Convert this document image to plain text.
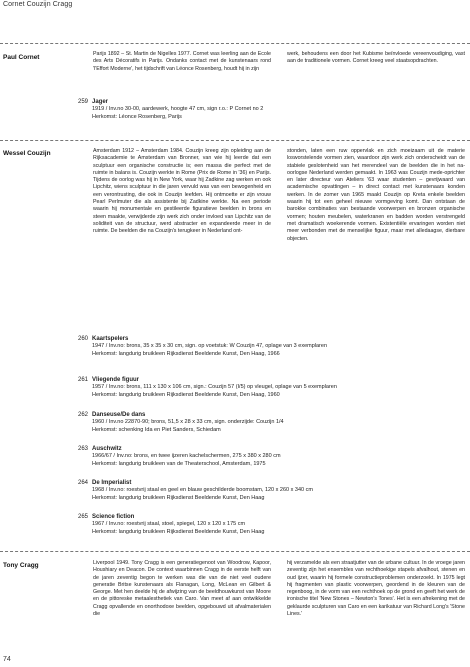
Cornet Couzijn Cragg
Paul Cornet	Parijs 1892 – St. Martin de Nigelles 1977. Cornet was leerling aan de Ecole des Arts Décoratifs in Parijs. Ondanks contact met de kunstenaars rond 'l'Effort Moderne', het tijdschrift van Léonce Rosenberg, houdt hij in zijn

werk, behoudens een door het Kubisme beïnvloede vereenvoudiging, vast aan de traditionele vormen. Cornet kreeg veel staatsopdrachten.

259 Jager
1919 / Inv.no 30-00, aardewerk, hoogte 47 cm, sign r.o.: P Cornet no 2
Herkomst: Léonce Rosenberg, Parijs
Wessel Couzijn	Amsterdam 1912 – Amsterdam 1984. Couzijn kreeg zijn opleiding aan de Rijksacademie te Amsterdam van Bronner, van wie hij leerde dat een sculptuur een organische constructie is; een massa die perfect met de ruimte in balans is. Couzijn werkte in Rome (Prix de Rome in '36) en Parijs. Tijdens de oorlog was hij in New York, waar hij Zadkine zag werken en ook Lipchitz, wiens sculptuur in die jaren vervuld was van een bewogenheid en een verontrusting, die ook in Couzijn leefden. Hij ontmoette er zijn vrouw Pearl Perlmuter die als assistente bij Zadkine werkte. Na een periode waarin hij monumentale en gestileerde figuratieve beelden in brons en steen maakte, verwijderde zijn werk zich onder invloed van Lipchitz van de soliditeit van de structuur, werd abstracter en expandeerde meer in de ruimte. De beelden die na Couzijn's terugkeer in Nederland ont-

stonden, laten een ruw oppervlak en zich moeizaam uit de materie losworstelende vormen zien, waardoor zijn werk zich onderscheidt van de stabiele geslotenheid van het merendeel van de beelden die in het na-oorlogse Nederland werden gemaakt. In 1963 was Couzijn mede-oprichter en later directeur van Ateliers '63 waar studenten – gevrijwaard van academische opvattingen – in direct contact met kunstenaars konden werken. In de zomer van 1965 maakt Couzijn op Kreta enkele beelden waarin hij tot een geheel nieuwe vormgeving komt. Dan ontstaan de barokke combinaties van bestaande voorwerpen en bronzen organische vormen; houten meubelen, waterkranen en badden worden verstrengeld met dramatisch woekerende vormen. Existentiële ervaringen worden niet meer verbonden met de menselijke figuur, maar met alledaagse, dierbare objecten.

260 Kaartspelers
1947 / Inv.no: brons, 35 x 35 x 30 cm, sign. op voetstuk: W Couzijn 47, oplage van 3 exemplaren
Herkomst: langdurig bruikleen Rijksdienst Beeldende Kunst, Den Haag, 1966
261 Vliegende figuur
1957 / Inv.no: brons, 111 x 130 x 106 cm, sign.: Couzijn 57 (I/5) op vleugel, oplage van 5 exemplaren
Herkomst: langdurig bruikleen Rijksdienst Beeldende Kunst, Den Haag, 1960
262 Danseuse/De dans
1960 / Inv.no 22870-90; brons, 51,5 x 28 x 33 cm, sign. onderzijde: Couzijn 1/4
Herkomst: schenking Ida en Piet Sanders, Schiedam
263 Auschwitz
1966/67 / Inv.no: brons, en twee ijzeren kachelschermen, 275 x 380 x 280 cm
Herkomst: langdurig bruikleen van de Theaterschool, Amsterdam, 1975
264 De Imperialist
1968 / Inv.no: roestvrij staal en geel en blauw geschilderde boomstam, 120 x 260 x 340 cm
Herkomst: langdurig bruikleen Rijksdienst Beeldende Kunst, Den Haag
265 Science fiction
1967 / Inv.no: roestvrij staal, stoel, spiegel, 120 x 120 x 175 cm
Herkomst: langdurig bruikleen Rijksdienst Beeldende Kunst, Den Haag
Tony Cragg	Liverpool 1949. Tony Cragg is een generatiegenoot van Woodrow, Kapoor, Houshiary en Deacon. De context waarbinnen Cragg in de eerste helft van de jaren zeventig begon te werken was die van de niet veel oudere generatie Britse kunstenaars als Flanagan, Long, McLean en Gilbert & George. Met hen deelde hij de afwijzing van de beeldhouwkunst van Moore en de pittoreske metaalesthetiek van Caro. Van meet af aan ontwikkelde Cragg opvallende en onorthodoxe beelden, opgebouwd uit afvalmaterialen die

hij verzamelde als een straatjutter van de urbane cultuur. In de vroege jaren zeventig zijn het ensembles van rechthoekige stapels afvalhout, stenen en oud ijzer, waarin hij formele constructieproblemen onderzoekt. In 1975 legt hij fragmenten van plastic voorwerpen, geordend in de kleuren van de regenboog, in de vorm van een rechthoek op de grond en geeft het werk de ironische titel 'New Stones – Newton's Tones'. Het is een afrekening met de geklaurde sculpturen van Caro en een karikatuur van Richard Long's 'Stone Lines.'

74
